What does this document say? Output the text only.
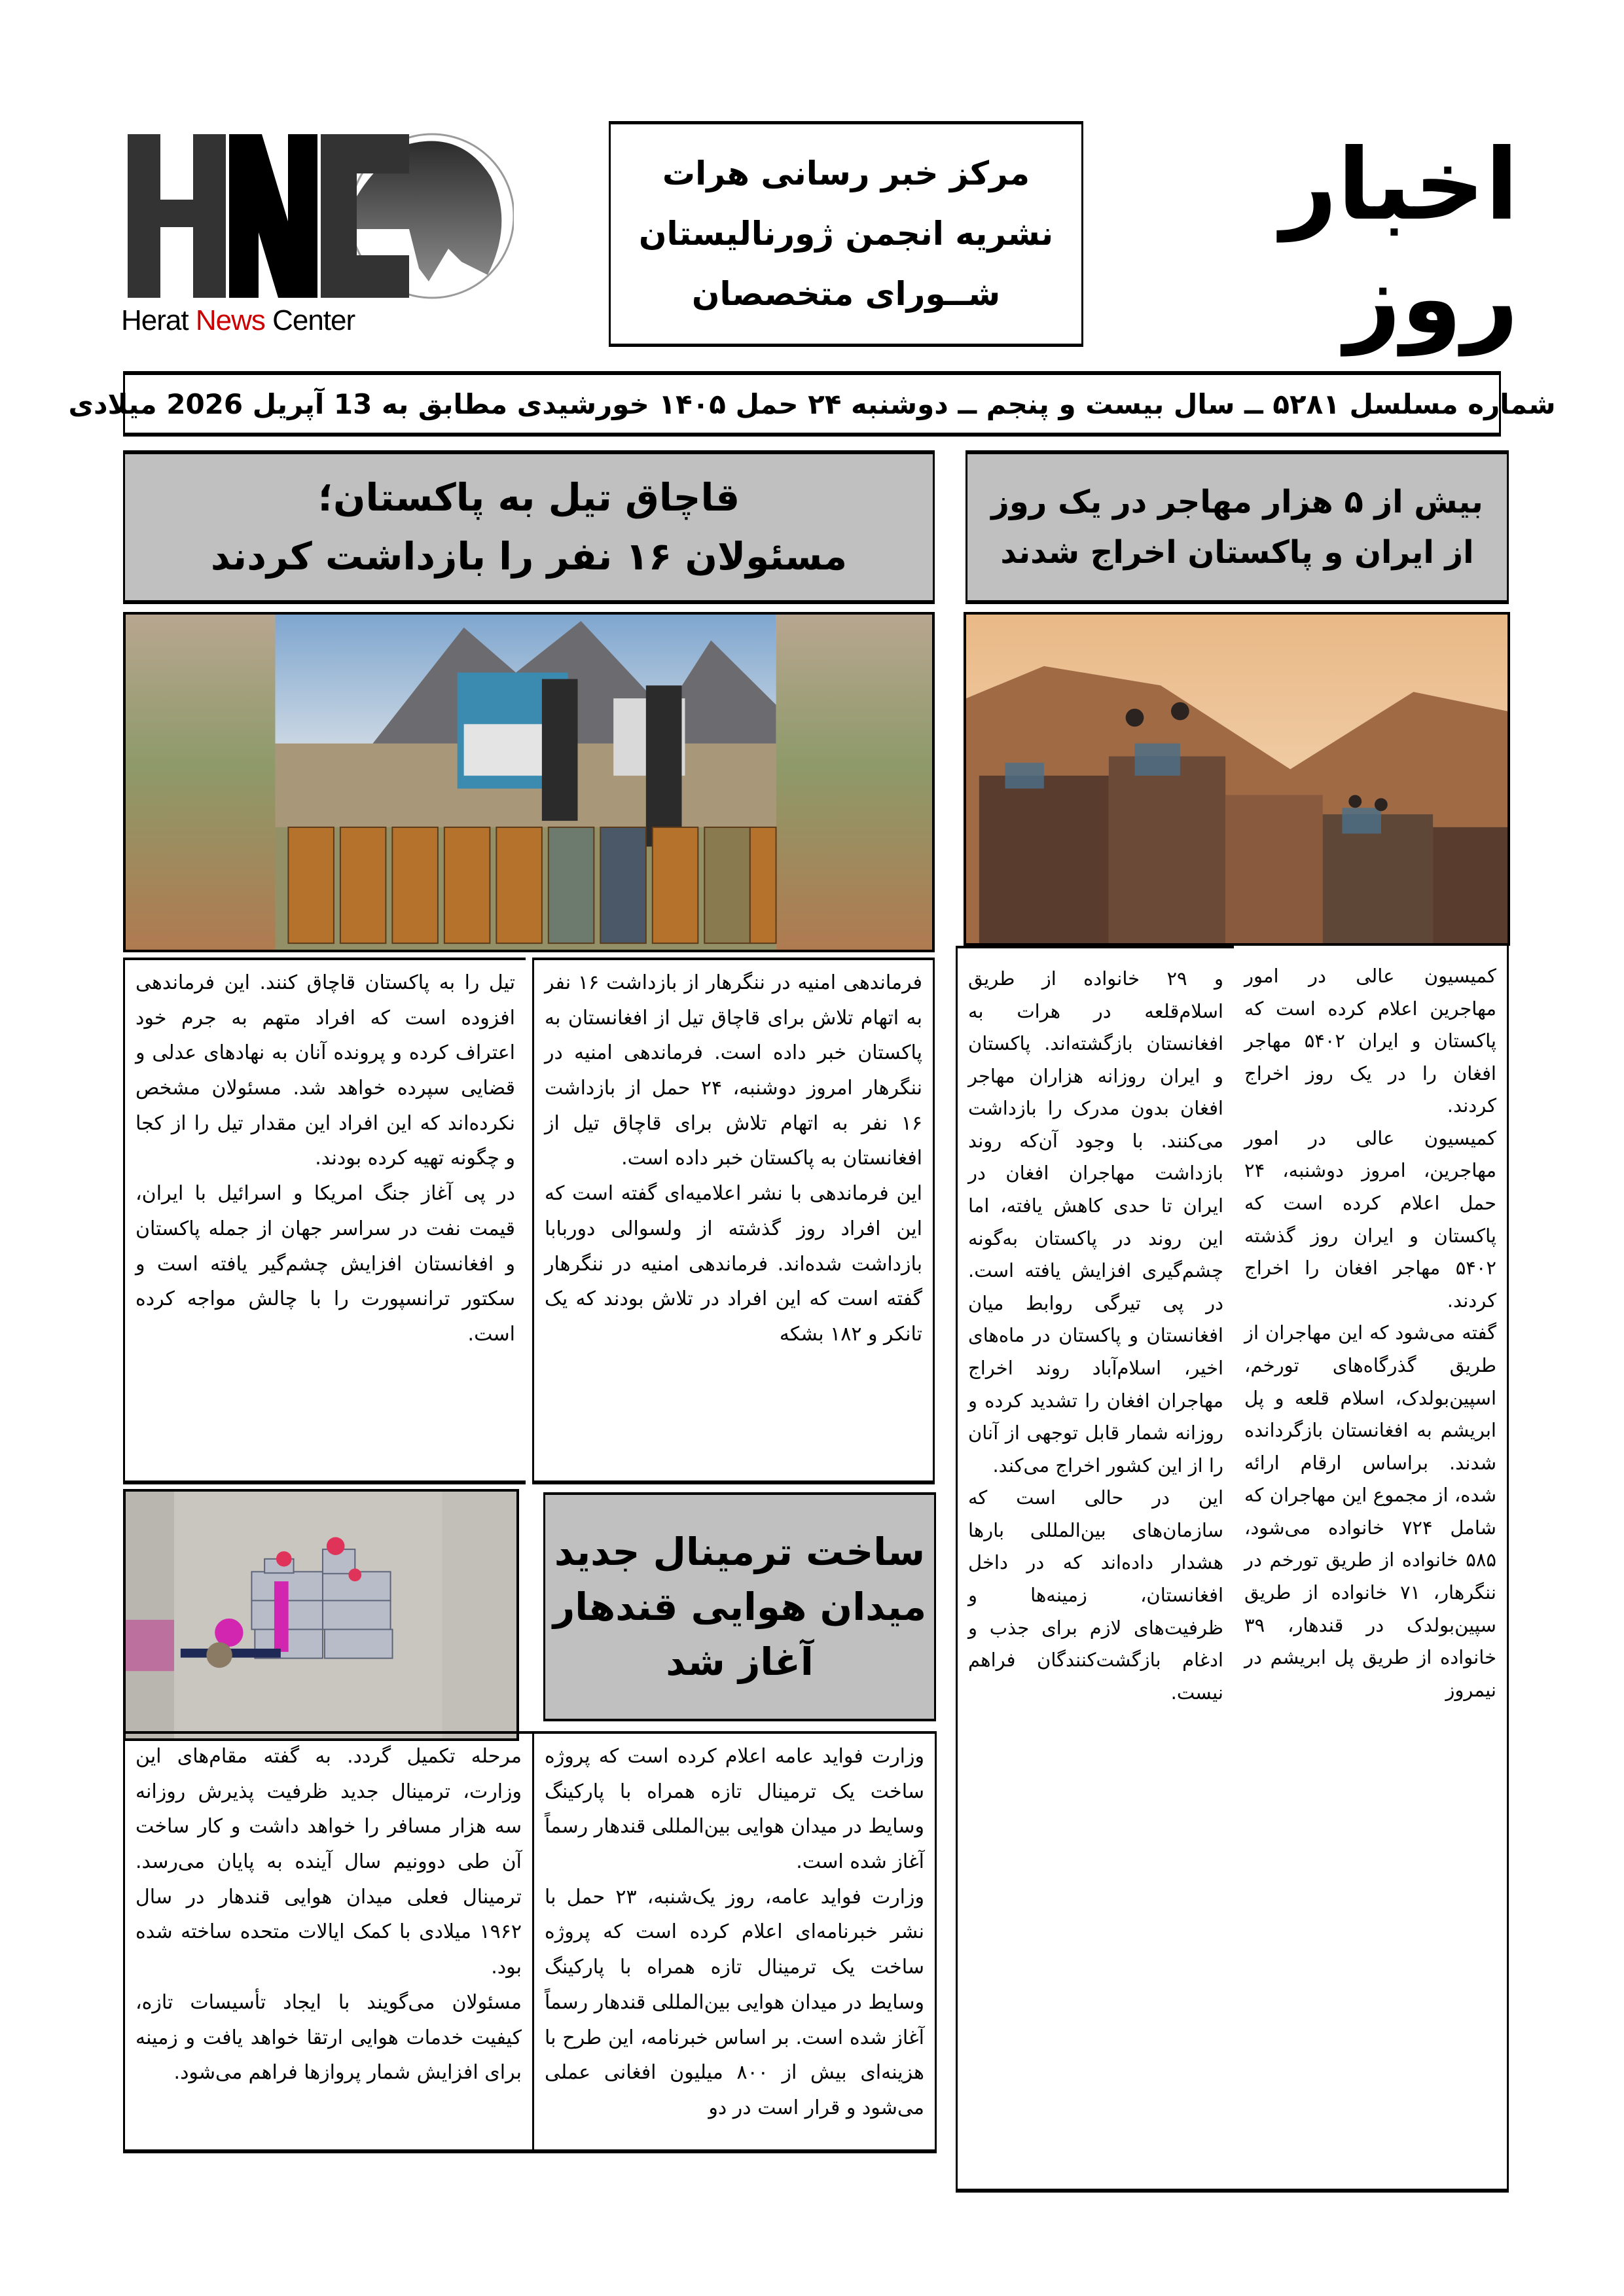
Herat News Center
مرکز خبر رسانی هرات
نشریه انجمن ژورنالیستان
شــورای متخصصان
اخبار روز
شماره مسلسل ۵۲۸۱ ــ سال بیست و پنجم ــ دوشنبه ۲۴ حمل ۱۴۰۵ خورشیدی مطابق به 13 آپریل 2026 میلادی
بیش از ۵ هزار مهاجر در یک روز
از ایران و پاکستان اخراج شدند
قاچاق تیل به پاکستان؛
مسئولان ۱۶ نفر را بازداشت کردند

کمیسیون عالی در امور مهاجرین اعلام کرده است که پاکستان و ایران ۵۴۰۲ مهاجر افغان را در یک روز اخراج کردند.

کمیسیون عالی در امور مهاجرین، امروز دوشنبه، ۲۴ حمل اعلام کرده است که پاکستان و ایران روز گذشته ۵۴۰۲ مهاجر افغان را اخراج کردند.

گفته می‌شود که این مهاجران از طریق گذرگاه‌های تورخم، اسپین‌بولدک، اسلام قلعه و پل ابریشم به افغانستان بازگردانده شدند. براساس ارقام ارائه شده، از مجموع این مهاجران که شامل ۷۲۴ خانواده می‌شود، ۵۸۵ خانواده از طریق تورخم در ننگرهار، ۷۱ خانواده از طریق سپین‌بولدک در قندهار، ۳۹ خانواده از طریق پل ابریشم در نیمروز

و ۲۹ خانواده از طریق اسلام‌قلعه در هرات به افغانستان بازگشته‌اند. پاکستان و ایران روزانه هزاران مهاجر افغان بدون مدرک را بازداشت می‌کنند. با وجود آن‌که روند بازداشت مهاجران افغان در ایران تا حدی کاهش یافته، اما این روند در پاکستان به‌گونه چشم‌گیری افزایش یافته است. در پی تیرگی روابط میان افغانستان و پاکستان در ماه‌های اخیر، اسلام‌آباد روند اخراج مهاجران افغان را تشدید کرده و روزانه شمار قابل توجهی از آنان را از این کشور اخراج می‌کند.

این در حالی است که سازمان‌های بین‌المللی بارها هشدار داده‌اند که در داخل افغانستان، زمینه‌ها و ظرفیت‌های لازم برای جذب و ادغام بازگشت‌کنندگان فراهم نیست.

فرماندهی امنیه در ننگرهار از بازداشت ۱۶ نفر به اتهام تلاش برای قاچاق تیل از افغانستان به پاکستان خبر داده است. فرماندهی امنیه در ننگرهار امروز دوشنبه، ۲۴ حمل از بازداشت ۱۶ نفر به اتهام تلاش برای قاچاق تیل از افغانستان به پاکستان خبر داده است.

این فرماندهی با نشر اعلامیه‌ای گفته است که این افراد روز گذشته از ولسوالی دوربابا بازداشت شده‌اند. فرماندهی امنیه در ننگرهار گفته است که این افراد در تلاش بودند که یک تانکر و ۱۸۲ بشکه

تیل را به پاکستان قاچاق کنند. این فرماندهی افزوده است که افراد متهم به جرم خود اعتراف کرده و پرونده آنان به نهادهای عدلی و قضایی سپرده خواهد شد. مسئولان مشخص نکرده‌اند که این افراد این مقدار تیل را از کجا و چگونه تهیه کرده بودند.

در پی آغاز جنگ امریکا و اسرائیل با ایران، قیمت نفت در سراسر جهان از جمله پاکستان و افغانستان افزایش چشم‌گیر یافته است و سکتور ترانسپورت را با چالش مواجه کرده است.

ساخت ترمینال جدید
میدان هوایی قندهار
آغاز شد

وزارت فواید عامه اعلام کرده است که پروژه ساخت یک ترمینال تازه همراه با پارکینگ وسایط در میدان هوایی بین‌المللی قندهار رسماً آغاز شده است.

وزارت فواید عامه، روز یک‌شنبه، ۲۳ حمل با نشر خبرنامه‌ای اعلام کرده است که پروژه ساخت یک ترمینال تازه همراه با پارکینگ وسایط در میدان هوایی بین‌المللی قندهار رسماً آغاز شده است. بر اساس خبرنامه، این طرح با هزینه‌ای بیش از ۸۰۰ میلیون افغانی عملی می‌شود و قرار است در دو

مرحله تکمیل گردد. به گفته مقام‌های این وزارت، ترمینال جدید ظرفیت پذیرش روزانه سه هزار مسافر را خواهد داشت و کار ساخت آن طی دوونیم سال آینده به پایان می‌رسد. ترمینال فعلی میدان هوایی قندهار در سال ۱۹۶۲ میلادی با کمک ایالات متحده ساخته شده بود.

مسئولان می‌گویند با ایجاد تأسیسات تازه، کیفیت خدمات هوایی ارتقا خواهد یافت و زمینه برای افزایش شمار پروازها فراهم می‌شود.
